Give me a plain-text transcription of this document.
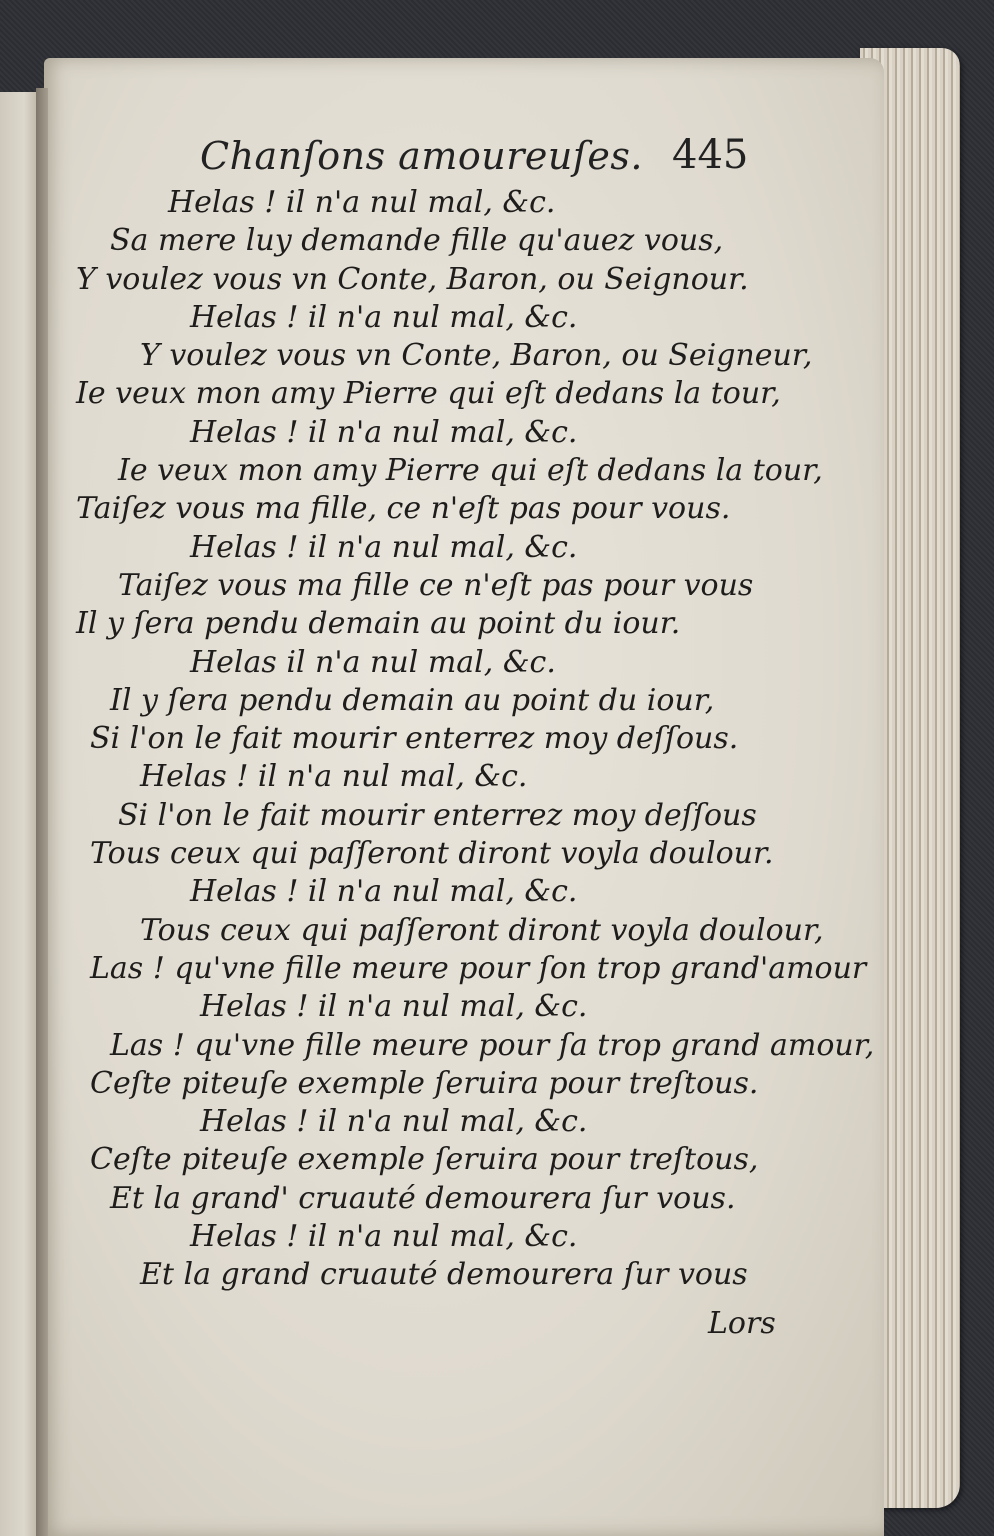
Chanſons amoureuſes. 445
Helas ! il n'a nul mal, &c.
Sa mere luy demande fille qu'auez vous,
Y voulez vous vn Conte, Baron, ou Seignour.
Helas ! il n'a nul mal, &c.
Y voulez vous vn Conte, Baron, ou Seigneur,
Ie veux mon amy Pierre qui eſt dedans la tour,
Helas ! il n'a nul mal, &c.
Ie veux mon amy Pierre qui eſt dedans la tour,
Taiſez vous ma fille, ce n'eſt pas pour vous.
Helas ! il n'a nul mal, &c.
Taiſez vous ma fille ce n'eſt pas pour vous
Il y ſera pendu demain au point du iour.
Helas il n'a nul mal, &c.
Il y ſera pendu demain au point du iour,
Si l'on le fait mourir enterrez moy deſſous.
Helas ! il n'a nul mal, &c.
Si l'on le fait mourir enterrez moy deſſous
Tous ceux qui paſſeront diront voyla doulour.
Helas ! il n'a nul mal, &c.
Tous ceux qui paſſeront diront voyla doulour,
Las ! qu'vne fille meure pour ſon trop grand'amour
Helas ! il n'a nul mal, &c.
Las ! qu'vne fille meure pour ſa trop grand amour,
Ceſte piteuſe exemple ſeruira pour treſtous.
Helas ! il n'a nul mal, &c.
Ceſte piteuſe exemple ſeruira pour treſtous,
Et la grand' cruauté demourera ſur vous.
Helas ! il n'a nul mal, &c.
Et la grand cruauté demourera ſur vous
Lors
